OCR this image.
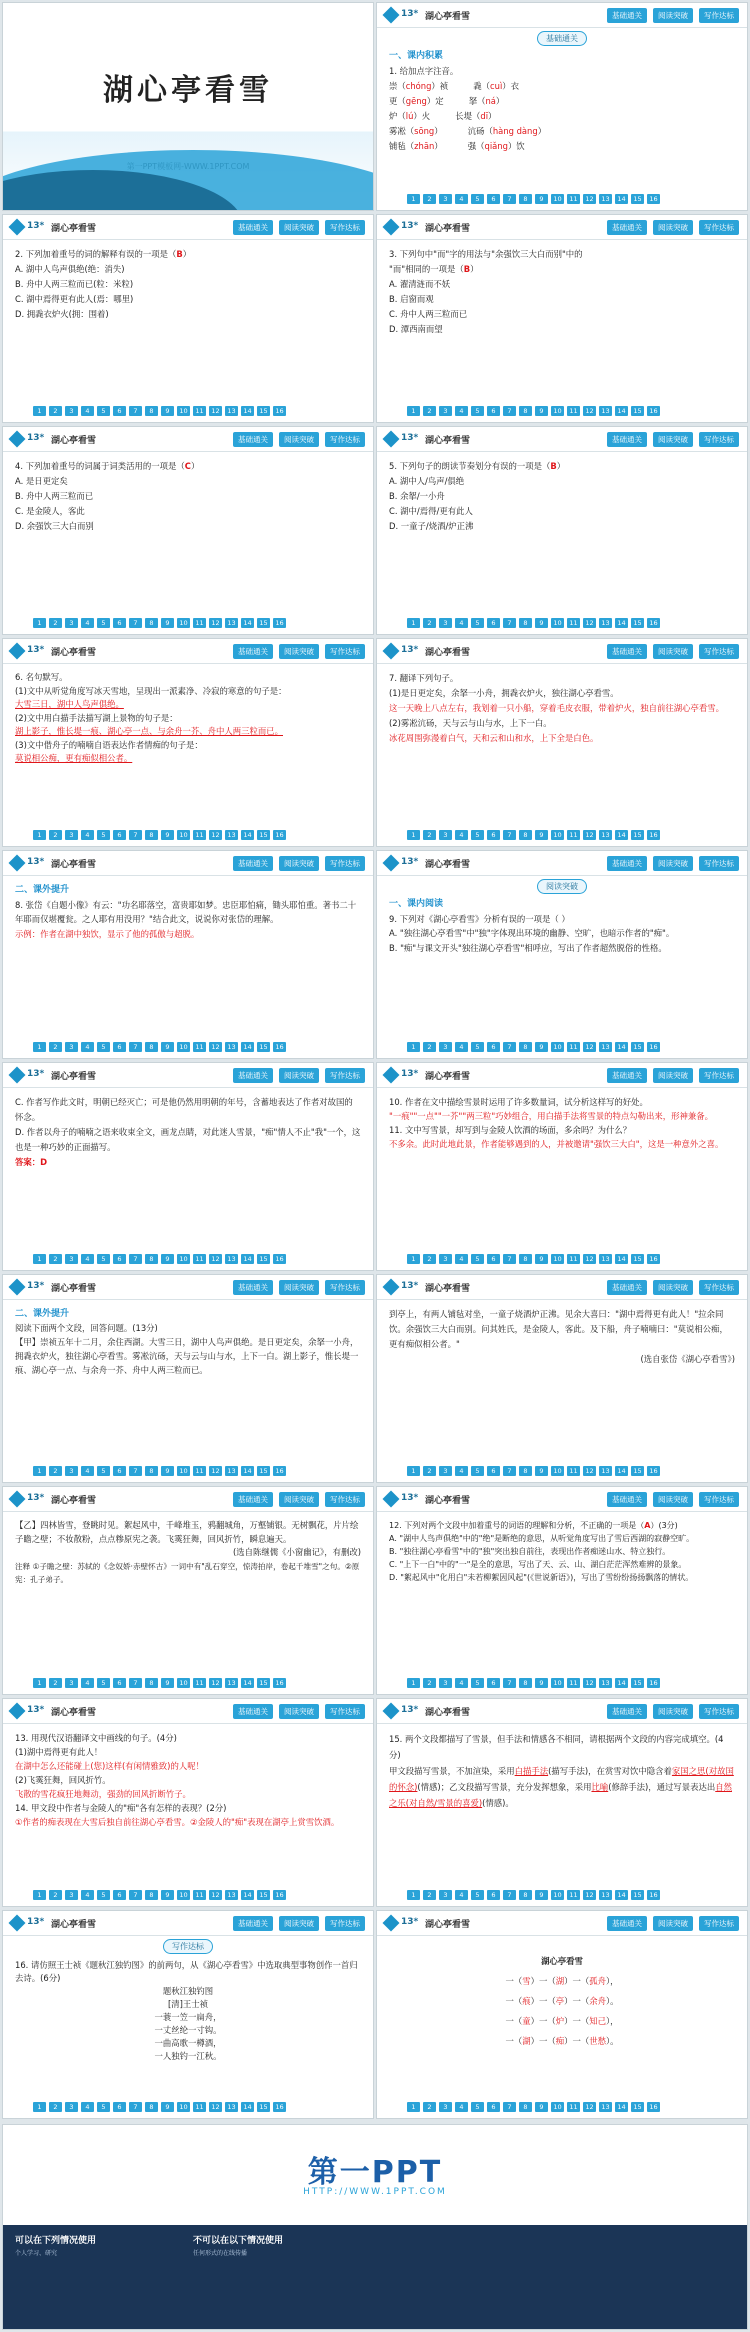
湖心亭看雪
13* 湖心亭看雪	基础通关	阅读突破	写作达标
基础通关

一、课内积累

1. 给加点字注音。

崇（chóng）祯   	毳（cuì）衣

更（gēng）定   	拏（ná）

炉（lú）火   	长堤（dī）

雾凇（sōng）   	沆砀（hàng dàng）

铺毡（zhān）   	强（qiǎng）饮

1	2	3	4	5	6	7	8	9	10	11	12	13	14	15	16
13* 湖心亭看雪	基础通关	阅读突破	写作达标

2. 下列加着重号的词的解释有误的一项是（B）

A. 湖中人鸟声俱绝(绝：消失)

B. 舟中人两三粒而已(粒：米粒)

C. 湖中焉得更有此人(焉：哪里)

D. 拥毳衣炉火(拥：围着)

1	2	3	4	5	6	7	8	9	10	11	12	13	14	15	16
13* 湖心亭看雪	基础通关	阅读突破	写作达标

3. 下列句中"而"字的用法与"余强饮三大白而别"中的

"而"相同的一项是（B）

A. 濯清涟而不妖

B. 启窗而观

C. 舟中人两三粒而已

D. 潭西南而望

1	2	3	4	5	6	7	8	9	10	11	12	13	14	15	16
13* 湖心亭看雪	基础通关	阅读突破	写作达标

4. 下列加着重号的词属于词类活用的一项是（C）

A. 是日更定矣

B. 舟中人两三粒而已

C. 是金陵人，客此

D. 余强饮三大白而别

1	2	3	4	5	6	7	8	9	10	11	12	13	14	15	16
13* 湖心亭看雪	基础通关	阅读突破	写作达标

5. 下列句子的朗读节奏划分有误的一项是（B）

A. 湖中人/鸟声/俱绝

B. 余挐/一小舟

C. 湖中/焉得/更有此人

D. 一童子/烧酒/炉正沸

1	2	3	4	5	6	7	8	9	10	11	12	13	14	15	16
13* 湖心亭看雪	基础通关	阅读突破	写作达标

6. 名句默写。

(1)文中从听觉角度写冰天雪地，呈现出一派素净、冷寂的寒意的句子是：

大雪三日，湖中人鸟声俱绝。

(2)文中用白描手法描写湖上景物的句子是：

湖上影子，惟长堤一痕、湖心亭一点、与余舟一芥、舟中人两三粒而已。

(3)文中借舟子的喃喃自语表达作者情痴的句子是：

莫说相公痴，更有痴似相公者。

1	2	3	4	5	6	7	8	9	10	11	12	13	14	15	16
13* 湖心亭看雪	基础通关	阅读突破	写作达标

7. 翻译下列句子。

(1)是日更定矣，余拏一小舟，拥毳衣炉火，独往湖心亭看雪。

这一天晚上八点左右，我划着一只小船，穿着毛皮衣服，带着炉火，独自前往湖心亭看雪。

(2)雾凇沆砀，天与云与山与水，上下一白。

冰花周围弥漫着白气，天和云和山和水，上下全是白色。

1	2	3	4	5	6	7	8	9	10	11	12	13	14	15	16
13* 湖心亭看雪	基础通关	阅读突破	写作达标

二、课外提升

8. 张岱《自题小像》有云："功名耶落空，富贵耶如梦。忠臣耶怕痛，锄头耶怕重。著书二十年耶而仅堪覆瓮。之人耶有用没用？"结合此文，说说你对张岱的理解。

示例：作者在湖中独饮，显示了他的孤傲与超脱。

1	2	3	4	5	6	7	8	9	10	11	12	13	14	15	16
13* 湖心亭看雪	基础通关	阅读突破	写作达标
阅读突破

一、课内阅读

9. 下列对《湖心亭看雪》分析有误的一项是（ ）

A. "独往湖心亭看雪"中"独"字体现出环境的幽静、空旷，也暗示作者的"痴"。

B. "痴"与课文开头"独往湖心亭看雪"相呼应，写出了作者超然脱俗的性格。

1	2	3	4	5	6	7	8	9	10	11	12	13	14	15	16
13* 湖心亭看雪	基础通关	阅读突破	写作达标

C. 作者写作此文时，明朝已经灭亡；可是他仍然用明朝的年号，含蓄地表达了作者对故国的怀念。

D. 作者以舟子的喃喃之语来收束全文，画龙点睛，对此迷人雪景，"痴"情人不止"我"一个，这也是一种巧妙的正面描写。

答案：D

1	2	3	4	5	6	7	8	9	10	11	12	13	14	15	16
13* 湖心亭看雪	基础通关	阅读突破	写作达标

10. 作者在文中描绘雪景时运用了许多数量词，试分析这样写的好处。

"一痕""一点""一芥""两三粒"巧妙组合，用白描手法将雪景的特点勾勒出来，形神兼备。

11. 文中写雪景，却写到与金陵人饮酒的场面，多余吗？为什么？

不多余。此时此地此景，作者能够遇到的人，并被邀请"强饮三大白"，这是一种意外之喜。

1	2	3	4	5	6	7	8	9	10	11	12	13	14	15	16
13* 湖心亭看雪	基础通关	阅读突破	写作达标

二、课外提升

阅读下面两个文段，回答问题。(13分)

【甲】崇祯五年十二月，余住西湖。大雪三日，湖中人鸟声俱绝。是日更定矣，余拏一小舟，拥毳衣炉火，独往湖心亭看雪。雾凇沆砀，天与云与山与水，上下一白。湖上影子，惟长堤一痕、湖心亭一点、与余舟一芥、舟中人两三粒而已。

1	2	3	4	5	6	7	8	9	10	11	12	13	14	15	16
13* 湖心亭看雪	基础通关	阅读突破	写作达标

到亭上，有两人铺毡对坐，一童子烧酒炉正沸。见余大喜曰："湖中焉得更有此人！"拉余同饮。余强饮三大白而别。问其姓氏，是金陵人，客此。及下船，舟子喃喃曰："莫说相公痴，更有痴似相公者。"

(选自张岱《湖心亭看雪》)

1	2	3	4	5	6	7	8	9	10	11	12	13	14	15	16
13* 湖心亭看雪	基础通关	阅读突破	写作达标

【乙】四林皆雪，登眺时见。絮起风中，千峰堆玉，鸦翻城角，万壑铺银。无树飘花，片片绘子瞻之壁；不妆散粉，点点糁原宪之袭。飞霙狂舞，回风折竹，瞬息遍天。

(选自陈继儒《小窗幽记》，有删改)

注释 ①子瞻之壁：苏轼的《念奴娇·赤壁怀古》一词中有"乱石穿空，惊涛拍岸，卷起千堆雪"之句。②原宪：孔子弟子。

1	2	3	4	5	6	7	8	9	10	11	12	13	14	15	16
13* 湖心亭看雪	基础通关	阅读突破	写作达标

12. 下列对两个文段中加着重号的词语的理解和分析，不正确的一项是（A）(3分)

A. "湖中人鸟声俱绝"中的"绝"是断绝的意思，从听觉角度写出了雪后西湖的寂静空旷。

B. "独往湖心亭看雪"中的"独"突出独自前往，表现出作者痴迷山水、特立独行。

C. "上下一白"中的"一"是全的意思，写出了天、云、山、湖白茫茫浑然难辨的景象。

D. "絮起风中"化用白"未若柳絮因风起"(《世说新语》)，写出了雪纷纷扬扬飘落的情状。

1	2	3	4	5	6	7	8	9	10	11	12	13	14	15	16
13* 湖心亭看雪	基础通关	阅读突破	写作达标

13. 用现代汉语翻译文中画线的句子。(4分)

(1)湖中焉得更有此人！

在湖中怎么还能碰上(您)这样(有闲情雅致)的人呢！

(2)飞霙狂舞，回风折竹。

飞散的雪花疯狂地舞动，强劲的回风折断竹子。

14. 甲文段中作者与金陵人的"痴"各有怎样的表现？(2分)

①作者的痴表现在大雪后独自前往湖心亭看雪。②金陵人的"痴"表现在湖亭上赏雪饮酒。

1	2	3	4	5	6	7	8	9	10	11	12	13	14	15	16
13* 湖心亭看雪	基础通关	阅读突破	写作达标

15. 两个文段都描写了雪景，但手法和情感各不相同，请根据两个文段的内容完成填空。(4分)

甲文段描写雪景，不加渲染，采用白描手法(描写手法)，在赏雪对饮中隐含着家国之思(对故国的怀念)(情感)；乙文段描写雪景，充分发挥想象，采用比喻(修辞手法)，通过写景表达出自然之乐(对自然/雪景的喜爱)(情感)。

1	2	3	4	5	6	7	8	9	10	11	12	13	14	15	16
13* 湖心亭看雪	基础通关	阅读突破	写作达标
写作达标

16. 请仿照王士祯《题秋江独钓图》的前两句，从《湖心亭看雪》中选取典型事物创作一首归去诗。(6分)

题秋江独钓图

[清]王士祯

一蓑一笠一扁舟，

一丈丝纶一寸钩。

一曲高歌一樽酒，

一人独钓一江秋。

1	2	3	4	5	6	7	8	9	10	11	12	13	14	15	16
13* 湖心亭看雪	基础通关	阅读突破	写作达标

湖心亭看雪

一（雪）一（湖）一（孤舟），

一（痕）一（亭）一（余舟）。

一（童）一（炉）一（知己），

一（湖）一（痴）一（世愁）。

1	2	3	4	5	6	7	8	9	10	11	12	13	14	15	16
第一PPT
HTTP://WWW.1PPT.COM
可以在下列情况使用	不可以在以下情况使用
个人学习、研究	任何形式的在线传播
